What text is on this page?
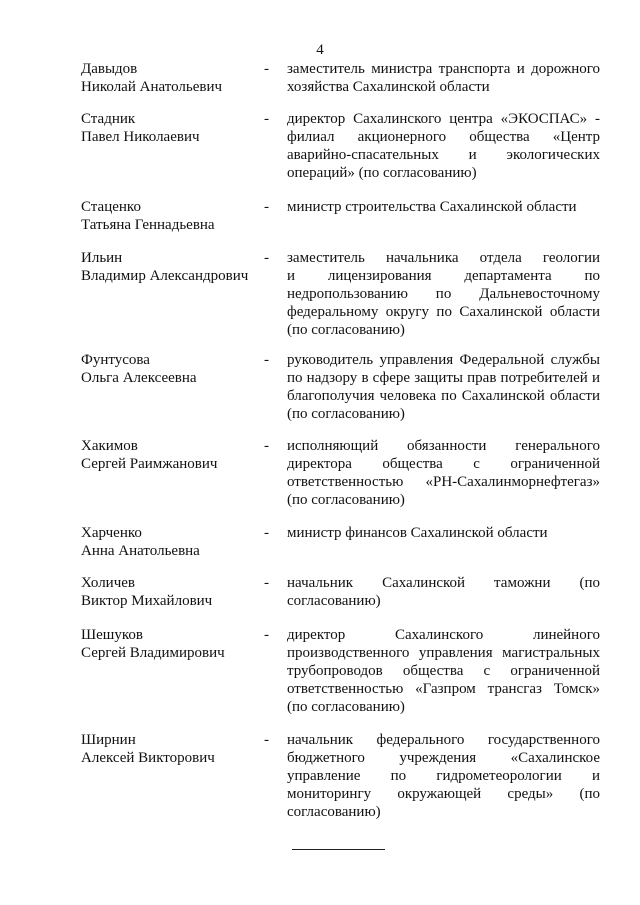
4
Давыдов
Николай Анатольевич
- заместитель министра транспорта и дорожного
хозяйства Сахалинской области
Стадник
Павел Николаевич
- директор Сахалинского центра «ЭКОСПАС» -
филиал акционерного общества «Центр
аварийно-спасательных и экологических
операций» (по согласованию)
Стаценко
Татьяна Геннадьевна
- министр строительства Сахалинской области
Ильин
Владимир Александрович
- заместитель начальника отдела геологии
и лицензирования департамента по
недропользованию по Дальневосточному
федеральному округу по Сахалинской области
(по согласованию)
Фунтусова
Ольга Алексеевна
- руководитель управления Федеральной службы
по надзору в сфере защиты прав потребителей и
благополучия человека по Сахалинской области
(по согласованию)
Хакимов
Сергей Раимжанович
- исполняющий обязанности генерального
директора общества с ограниченной
ответственностью «РН-Сахалинморнефтегаз»
(по согласованию)
Харченко
Анна Анатольевна
- министр финансов Сахалинской области
Холичев
Виктор Михайлович
- начальник Сахалинской таможни (по
согласованию)
Шешуков
Сергей Владимирович
- директор Сахалинского линейного
производственного управления магистральных
трубопроводов общества с ограниченной
ответственностью «Газпром трансгаз Томск»
(по согласованию)
Ширнин
Алексей Викторович
- начальник федерального государственного
бюджетного учреждения «Сахалинское
управление по гидрометеорологии и
мониторингу окружающей среды» (по
согласованию)
